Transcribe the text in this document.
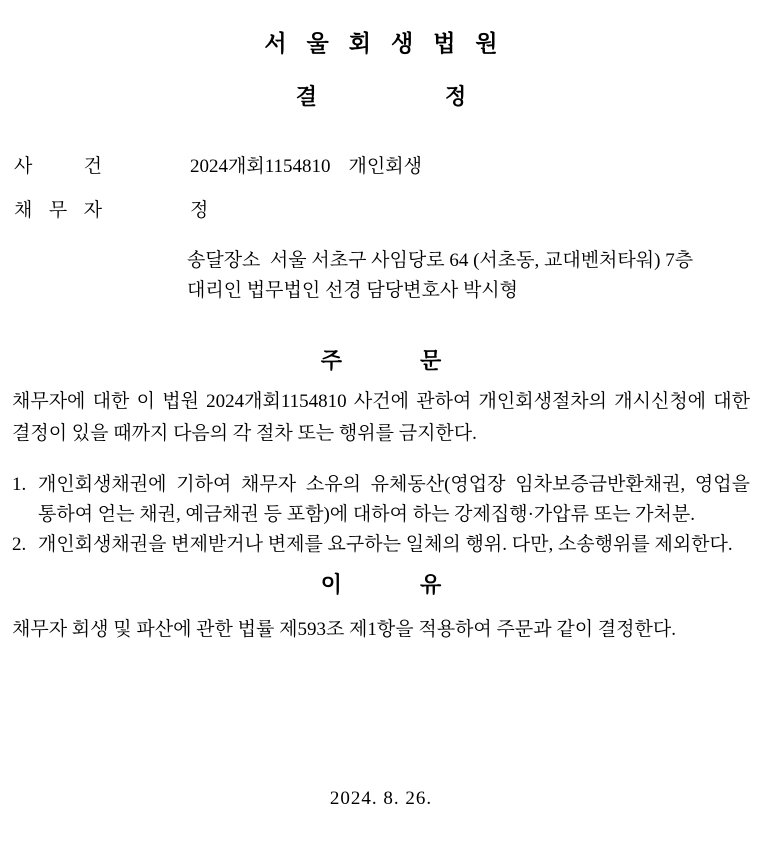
서울회생법원
결정
사 건	2024개회1154810 개인회생
채 무 자	정
송달장소  서울 서초구 사임당로 64 (서초동, 교대벤처타워) 7층
대리인 법무법인 선경 담당변호사 박시형
주문

채무자에 대한 이 법원 2024개회1154810 사건에 관하여 개인회생절차의 개시신청에 대한 결정이 있을 때까지 다음의 각 절차 또는 행위를 금지한다.

1. 개인회생채권에 기하여 채무자 소유의 유체동산(영업장 임차보증금반환채권, 영업을 통하여 얻는 채권, 예금채권 등 포함)에 대하여 하는 강제집행·가압류 또는 가처분.
2. 개인회생채권을 변제받거나 변제를 요구하는 일체의 행위. 다만, 소송행위를 제외한다.
이유

채무자 회생 및 파산에 관한 법률 제593조 제1항을 적용하여 주문과 같이 결정한다.

2024. 8. 26.
